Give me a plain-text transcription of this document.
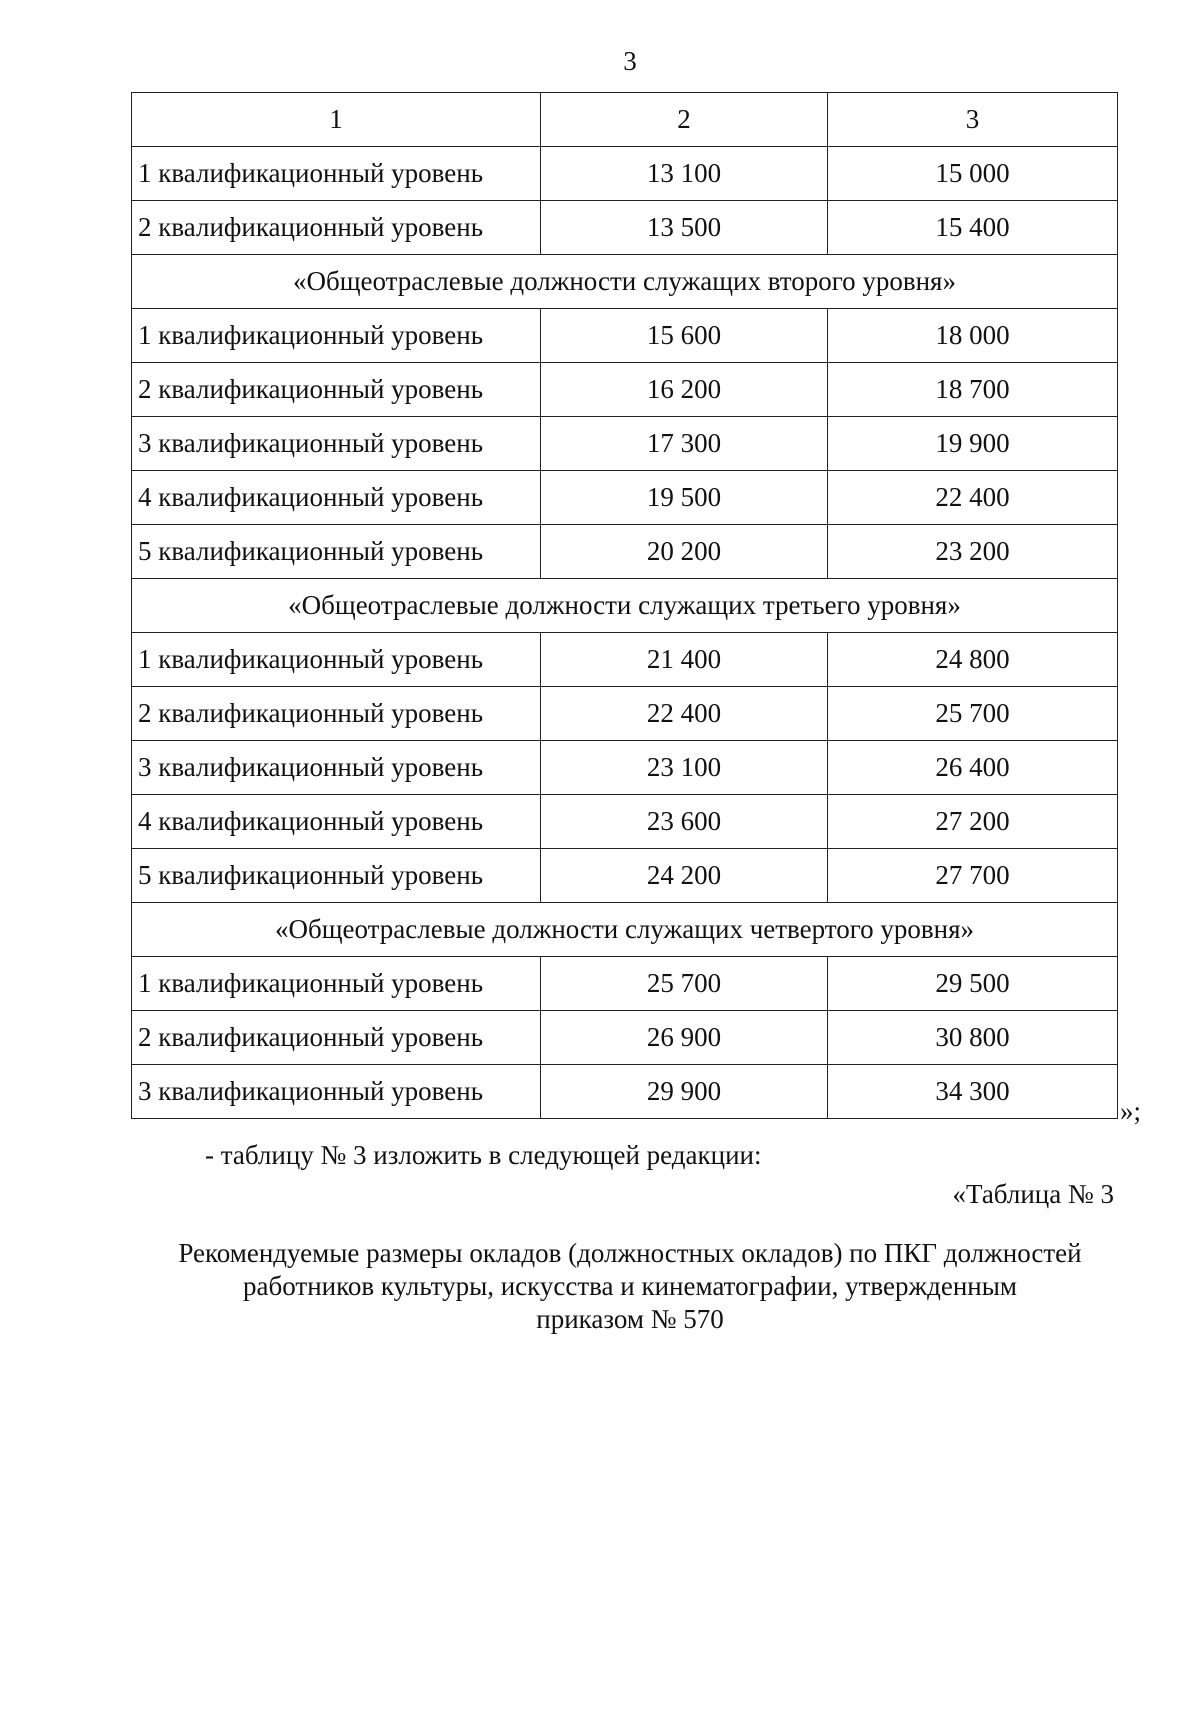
3
1	2	3
1 квалификационный уровень	13 100	15 000
2 квалификационный уровень	13 500	15 400
«Общеотраслевые должности служащих второго уровня»		
1 квалификационный уровень	15 600	18 000
2 квалификационный уровень	16 200	18 700
3 квалификационный уровень	17 300	19 900
4 квалификационный уровень	19 500	22 400
5 квалификационный уровень	20 200	23 200
«Общеотраслевые должности служащих третьего уровня»		
1 квалификационный уровень	21 400	24 800
2 квалификационный уровень	22 400	25 700
3 квалификационный уровень	23 100	26 400
4 квалификационный уровень	23 600	27 200
5 квалификационный уровень	24 200	27 700
«Общеотраслевые должности служащих четвертого уровня»		
1 квалификационный уровень	25 700	29 500
2 квалификационный уровень	26 900	30 800
3 квалификационный уровень	29 900	34 300
»;
- таблицу № 3 изложить в следующей редакции:
«Таблица № 3
Рекомендуемые размеры окладов (должностных окладов) по ПКГ должностей
работников культуры, искусства и кинематографии, утвержденным
приказом № 570
